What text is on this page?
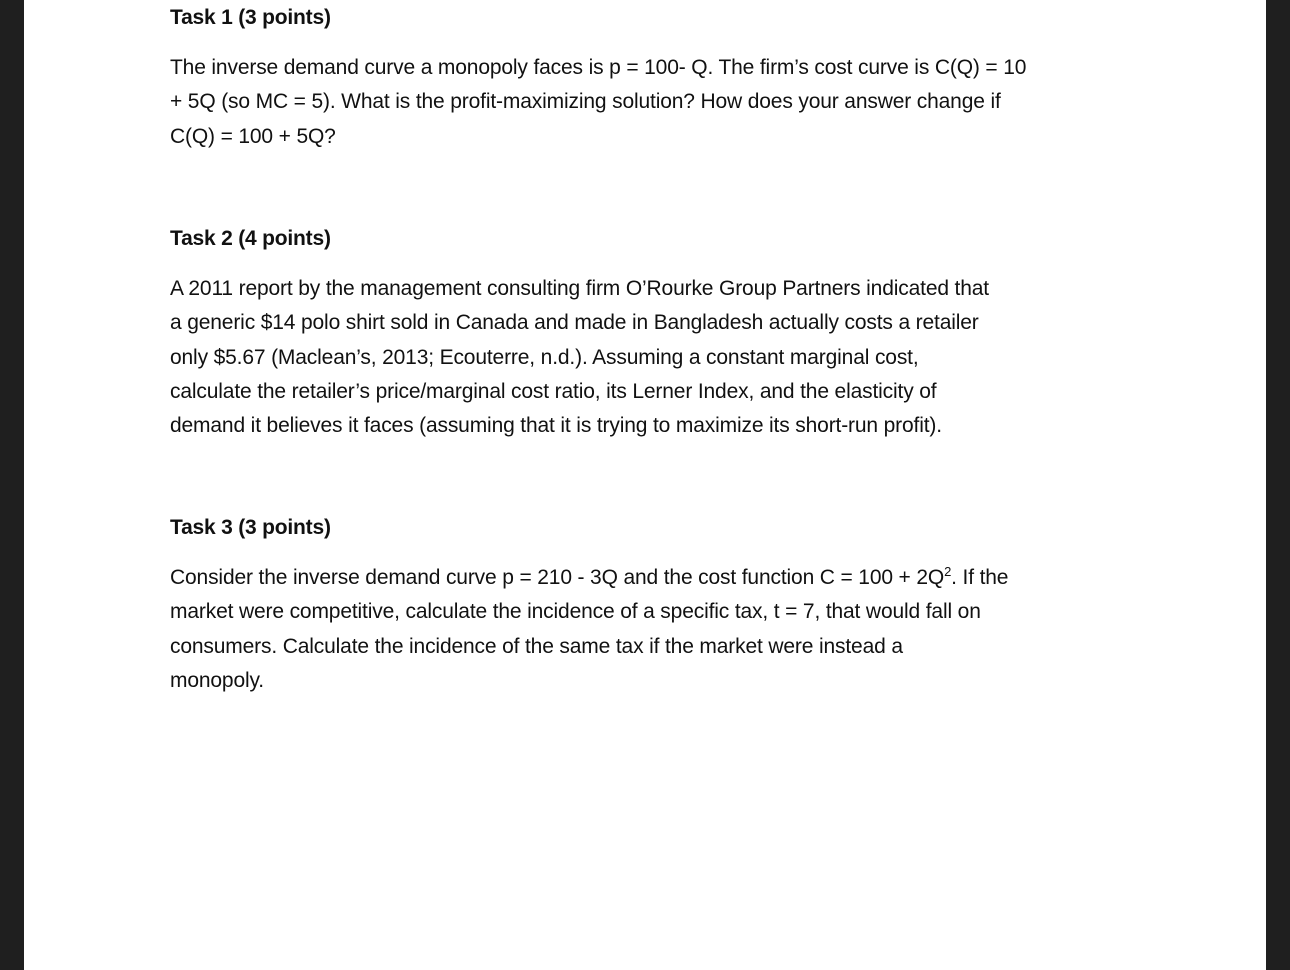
Task 1 (3 points)

The inverse demand curve a monopoly faces is p = 100- Q. The firm’s cost curve is C(Q) = 10
+ 5Q (so MC = 5). What is the profit-maximizing solution? How does your answer change if
C(Q) = 100 + 5Q?

Task 2 (4 points)

A 2011 report by the management consulting firm O’Rourke Group Partners indicated that
a generic $14 polo shirt sold in Canada and made in Bangladesh actually costs a retailer
only $5.67 (Maclean’s, 2013; Ecouterre, n.d.). Assuming a constant marginal cost,
calculate the retailer’s price/marginal cost ratio, its Lerner Index, and the elasticity of
demand it believes it faces (assuming that it is trying to maximize its short-run profit).

Task 3 (3 points)

Consider the inverse demand curve p = 210 - 3Q and the cost function $C = 100 + 2Q^2$. If the
market were competitive, calculate the incidence of a specific tax, t = 7, that would fall on
consumers. Calculate the incidence of the same tax if the market were instead a
monopoly.
